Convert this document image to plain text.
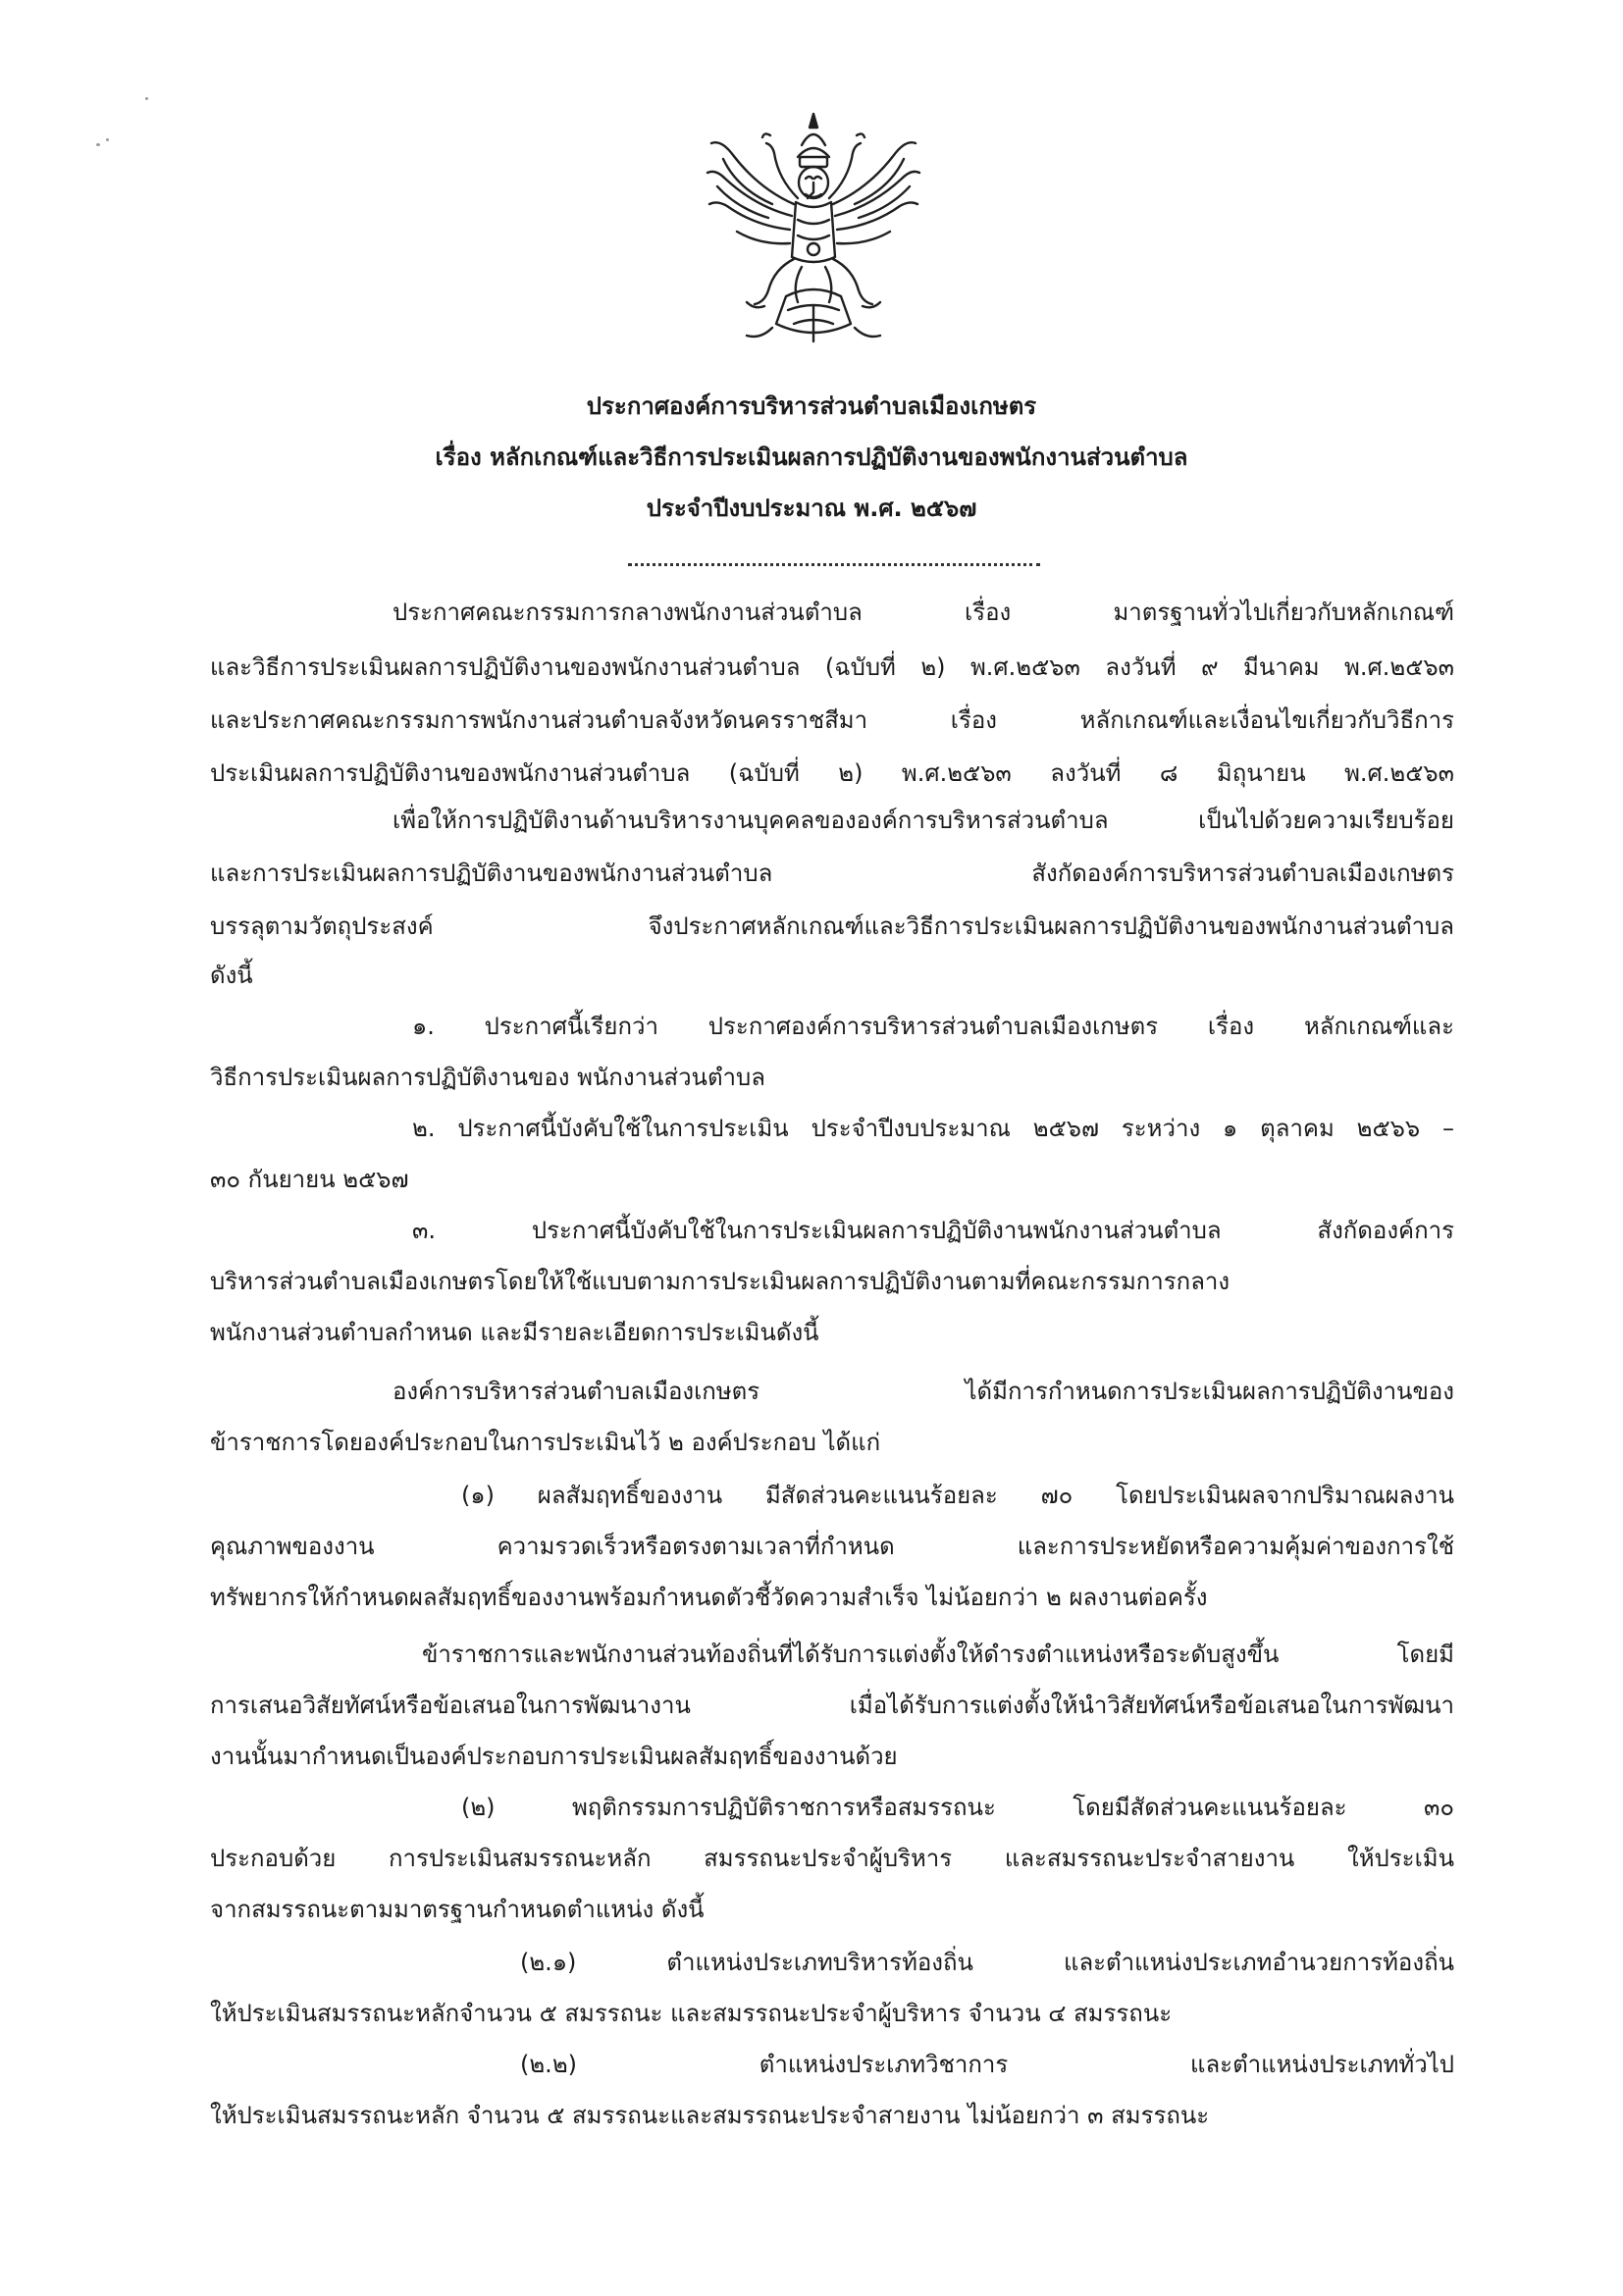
ประกาศองค์การบริหารส่วนตำบลเมืองเกษตร
เรื่อง หลักเกณฑ์และวิธีการประเมินผลการปฏิบัติงานของพนักงานส่วนตำบล
ประจำปีงบประมาณ พ.ศ. ๒๕๖๗
ประกาศคณะกรรมการกลางพนักงานส่วนตำบล เรื่อง มาตรฐานทั่วไปเกี่ยวกับหลักเกณฑ์
และวิธีการประเมินผลการปฏิบัติงานของพนักงานส่วนตำบล (ฉบับที่ ๒) พ.ศ.๒๕๖๓ ลงวันที่ ๙ มีนาคม พ.ศ.๒๕๖๓
และประกาศคณะกรรมการพนักงานส่วนตำบลจังหวัดนครราชสีมา เรื่อง หลักเกณฑ์และเงื่อนไขเกี่ยวกับวิธีการ
ประเมินผลการปฏิบัติงานของพนักงานส่วนตำบล (ฉบับที่ ๒) พ.ศ.๒๕๖๓ ลงวันที่ ๘ มิถุนายน พ.ศ.๒๕๖๓
เพื่อให้การปฏิบัติงานด้านบริหารงานบุคคลขององค์การบริหารส่วนตำบล เป็นไปด้วยความเรียบร้อย
และการประเมินผลการปฏิบัติงานของพนักงานส่วนตำบล สังกัดองค์การบริหารส่วนตำบลเมืองเกษตร
บรรลุตามวัตถุประสงค์ จึงประกาศหลักเกณฑ์และวิธีการประเมินผลการปฏิบัติงานของพนักงานส่วนตำบล
ดังนี้
๑. ประกาศนี้เรียกว่า ประกาศองค์การบริหารส่วนตำบลเมืองเกษตร เรื่อง หลักเกณฑ์และ
วิธีการประเมินผลการปฏิบัติงานของ พนักงานส่วนตำบล
๒. ประกาศนี้บังคับใช้ในการประเมิน ประจำปีงบประมาณ ๒๕๖๗ ระหว่าง ๑ ตุลาคม ๒๕๖๖ –
๓๐ กันยายน ๒๕๖๗
๓. ประกาศนี้บังคับใช้ในการประเมินผลการปฏิบัติงานพนักงานส่วนตำบล สังกัดองค์การ
บริหารส่วนตำบลเมืองเกษตรโดยให้ใช้แบบตามการประเมินผลการปฏิบัติงานตามที่คณะกรรมการกลาง
พนักงานส่วนตำบลกำหนด และมีรายละเอียดการประเมินดังนี้
องค์การบริหารส่วนตำบลเมืองเกษตร ได้มีการกำหนดการประเมินผลการปฏิบัติงานของ
ข้าราชการโดยองค์ประกอบในการประเมินไว้ ๒ องค์ประกอบ ได้แก่
(๑) ผลสัมฤทธิ์ของงาน มีสัดส่วนคะแนนร้อยละ ๗๐ โดยประเมินผลจากปริมาณผลงาน
คุณภาพของงาน ความรวดเร็วหรือตรงตามเวลาที่กำหนด และการประหยัดหรือความคุ้มค่าของการใช้
ทรัพยากรให้กำหนดผลสัมฤทธิ์ของงานพร้อมกำหนดตัวชี้วัดความสำเร็จ ไม่น้อยกว่า ๒ ผลงานต่อครั้ง
ข้าราชการและพนักงานส่วนท้องถิ่นที่ได้รับการแต่งตั้งให้ดำรงตำแหน่งหรือระดับสูงขึ้น โดยมี
การเสนอวิสัยทัศน์หรือข้อเสนอในการพัฒนางาน เมื่อได้รับการแต่งตั้งให้นำวิสัยทัศน์หรือข้อเสนอในการพัฒนา
งานนั้นมากำหนดเป็นองค์ประกอบการประเมินผลสัมฤทธิ์ของงานด้วย
(๒) พฤติกรรมการปฏิบัติราชการหรือสมรรถนะ โดยมีสัดส่วนคะแนนร้อยละ ๓๐
ประกอบด้วย การประเมินสมรรถนะหลัก สมรรถนะประจำผู้บริหาร และสมรรถนะประจำสายงาน ให้ประเมิน
จากสมรรถนะตามมาตรฐานกำหนดตำแหน่ง ดังนี้
(๒.๑) ตำแหน่งประเภทบริหารท้องถิ่น และตำแหน่งประเภทอำนวยการท้องถิ่น
ให้ประเมินสมรรถนะหลักจำนวน ๕ สมรรถนะ และสมรรถนะประจำผู้บริหาร จำนวน ๔ สมรรถนะ
(๒.๒) ตำแหน่งประเภทวิชาการ และตำแหน่งประเภททั่วไป
ให้ประเมินสมรรถนะหลัก จำนวน ๕ สมรรถนะและสมรรถนะประจำสายงาน ไม่น้อยกว่า ๓ สมรรถนะ
